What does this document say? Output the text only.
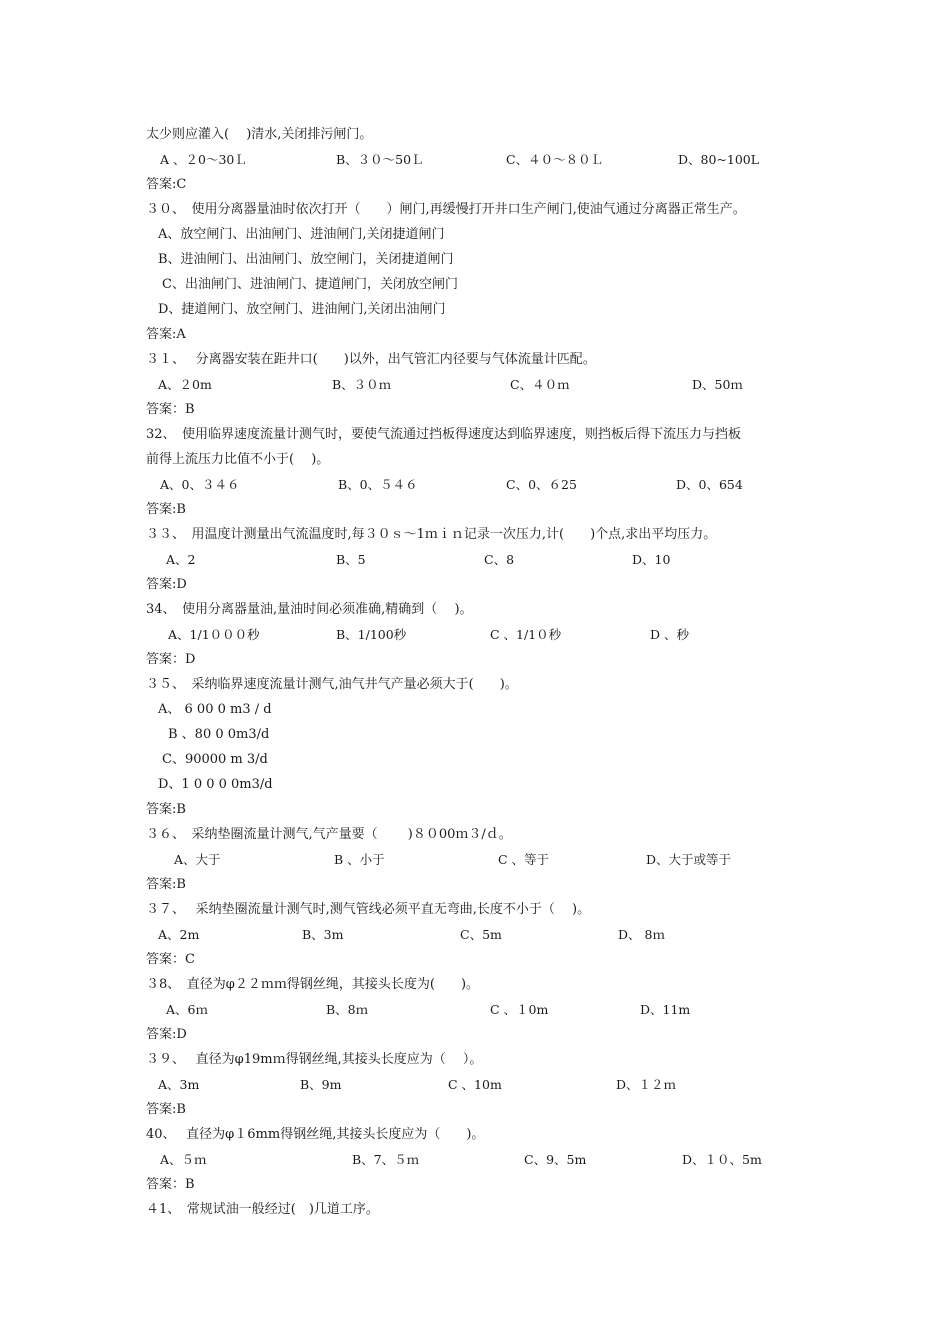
太少则应灌入(　 )清水,关闭排污闸门。
A 、２0～30Ｌ	B、３０～50Ｌ	C、４０～８０Ｌ	D、80~100L
答案:C
３０、　使用分离器量油时依次打开（　　）闸门,再缓慢打开井口生产闸门,使油气通过分离器正常生产。
A、放空闸门、出油闸门、进油闸门,关闭捷道闸门
B、进油闸门、出油闸门、放空闸门，关闭捷道闸门
C、出油闸门、进油闸门、捷道闸门，关闭放空闸门
D、捷道闸门、放空闸门、进油闸门,关闭出油闸门
答案:A
３１、　 分离器安装在距井口(　　)以外，出气管汇内径要与气体流量计匹配。
A、２0m	B、３０ｍ	C、４０ｍ	D、50ｍ
答案：B
32、　使用临界速度流量计测气时，要使气流通过挡板得速度达到临界速度，则挡板后得下流压力与挡板
前得上流压力比值不小于(　 )。
A、0、３４６	B、0、５４６	C、0、６25	D、0、654
答案:B
３３、　用温度计测量出气流温度时,每３０ｓ～1ｍｉｎ记录一次压力,计(　　)个点,求出平均压力。
A、2	B、5	C、8	D、10
答案:D
34、　使用分离器量油,量油时间必须准确,精确到（　 )。
A、1/1０００秒	B、1/100秒	C 、1/1０秒	D 、秒
答案：D
３５、　采纳临界速度流量计测气,油气井气产量必须大于(　　)。
A、 6 00 0 m3 / d
B 、80 0 0m3/d
C、90000 m 3/d
D、1 0 0 0 0m3/d
答案:B
３６、　采纳垫圈流量计测气,气产量要（　　 )８０00ｍ３/ｄ。
A、大于	B 、小于	C 、等于	D、大于或等于
答案:B
３７、　 采纳垫圈流量计测气时,测气管线必须平直无弯曲,长度不小于（　 )。
A、2m	B、3m	C、5m	D、 8ｍ
答案：C
３8、　直径为φ２２ｍｍ得钢丝绳，其接头长度为(　　)。
A、6ｍ	B、8ｍ	C 、１0m	D、11m
答案:D
３９、　 直径为φ19mｍ得钢丝绳,其接头长度应为（　 ）。
A、3m	B、9m	C 、10m	D、１２ｍ
答案:B
40、　 直径为φ１6mm得钢丝绳,其接头长度应为（　　)。
A、５ｍ	B、7、５ｍ	C、9、5m	D、１０、5m
答案：B
４1、　常规试油一般经过(　)几道工序。
